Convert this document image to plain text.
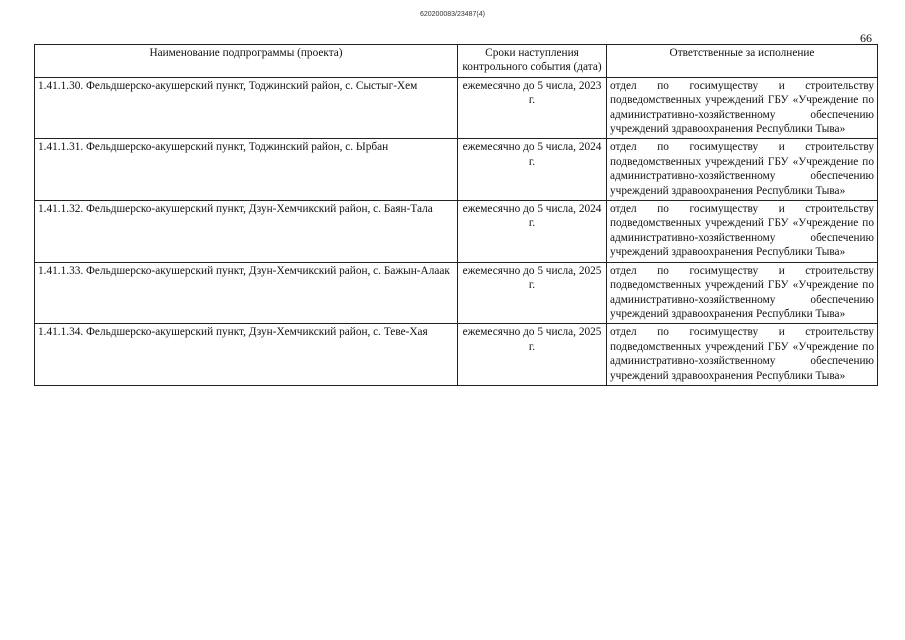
620200083/23487(4)
66
Наименование подпрограммы (проекта)	Сроки наступления контрольного события (дата)	Ответственные за исполнение
1.41.1.30. Фельдшерско-акушерский пункт, Тоджинский район, с. Сыстыг-Хем	ежемесячно до 5 числа, 2023 г.	отдел по госимуществу и строительству подведомственных учреждений ГБУ «Учреждение по административно-хозяйственному обеспечению учреждений здравоохранения Республики Тыва»
1.41.1.31. Фельдшерско-акушерский пункт, Тоджинский район, с. Ырбан	ежемесячно до 5 числа, 2024 г.	отдел по госимуществу и строительству подведомственных учреждений ГБУ «Учреждение по административно-хозяйственному обеспечению учреждений здравоохранения Республики Тыва»
1.41.1.32. Фельдшерско-акушерский пункт, Дзун-Хемчикский район, с. Баян-Тала	ежемесячно до 5 числа, 2024 г.	отдел по госимуществу и строительству подведомственных учреждений ГБУ «Учреждение по административно-хозяйственному обеспечению учреждений здравоохранения Республики Тыва»
1.41.1.33. Фельдшерско-акушерский пункт, Дзун-Хемчикский район, с. Бажын-Алаак	ежемесячно до 5 числа, 2025 г.	отдел по госимуществу и строительству подведомственных учреждений ГБУ «Учреждение по административно-хозяйственному обеспечению учреждений здравоохранения Республики Тыва»
1.41.1.34. Фельдшерско-акушерский пункт, Дзун-Хемчикский район, с. Теве-Хая	ежемесячно до 5 числа, 2025 г.	отдел по госимуществу и строительству подведомственных учреждений ГБУ «Учреждение по административно-хозяйственному обеспечению учреждений здравоохранения Республики Тыва»
